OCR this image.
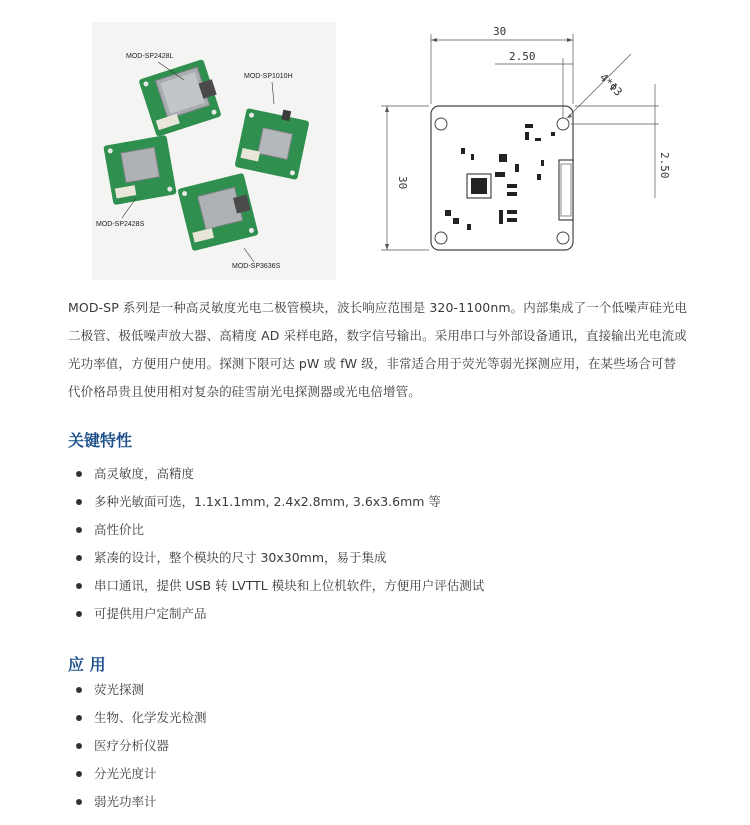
MOD-SP2428L
MOD-SP1010H
MOD-SP2428S
MOD-SP3636S
30
2.50
30
2.50
4*Φ3

MOD-SP 系列是一种高灵敏度光电二极管模块，波长响应范围是 320-1100nm。内部集成了一个低噪声硅光电二极管、极低噪声放大器、高精度 AD 采样电路，数字信号输出。采用串口与外部设备通讯，直接输出光电流或光功率值，方便用户使用。探测下限可达 pW 或 fW 级，非常适合用于荧光等弱光探测应用，在某些场合可替代价格昂贵且使用相对复杂的硅雪崩光电探测器或光电倍增管。

关键特性
高灵敏度，高精度
多种光敏面可选，1.1x1.1mm, 2.4x2.8mm, 3.6x3.6mm 等
高性价比
紧凑的设计，整个模块的尺寸 30x30mm，易于集成
串口通讯，提供 USB 转 LVTTL 模块和上位机软件，方便用户评估测试
可提供用户定制产品
应 用
荧光探测
生物、化学发光检测
医疗分析仪器
分光光度计
弱光功率计
